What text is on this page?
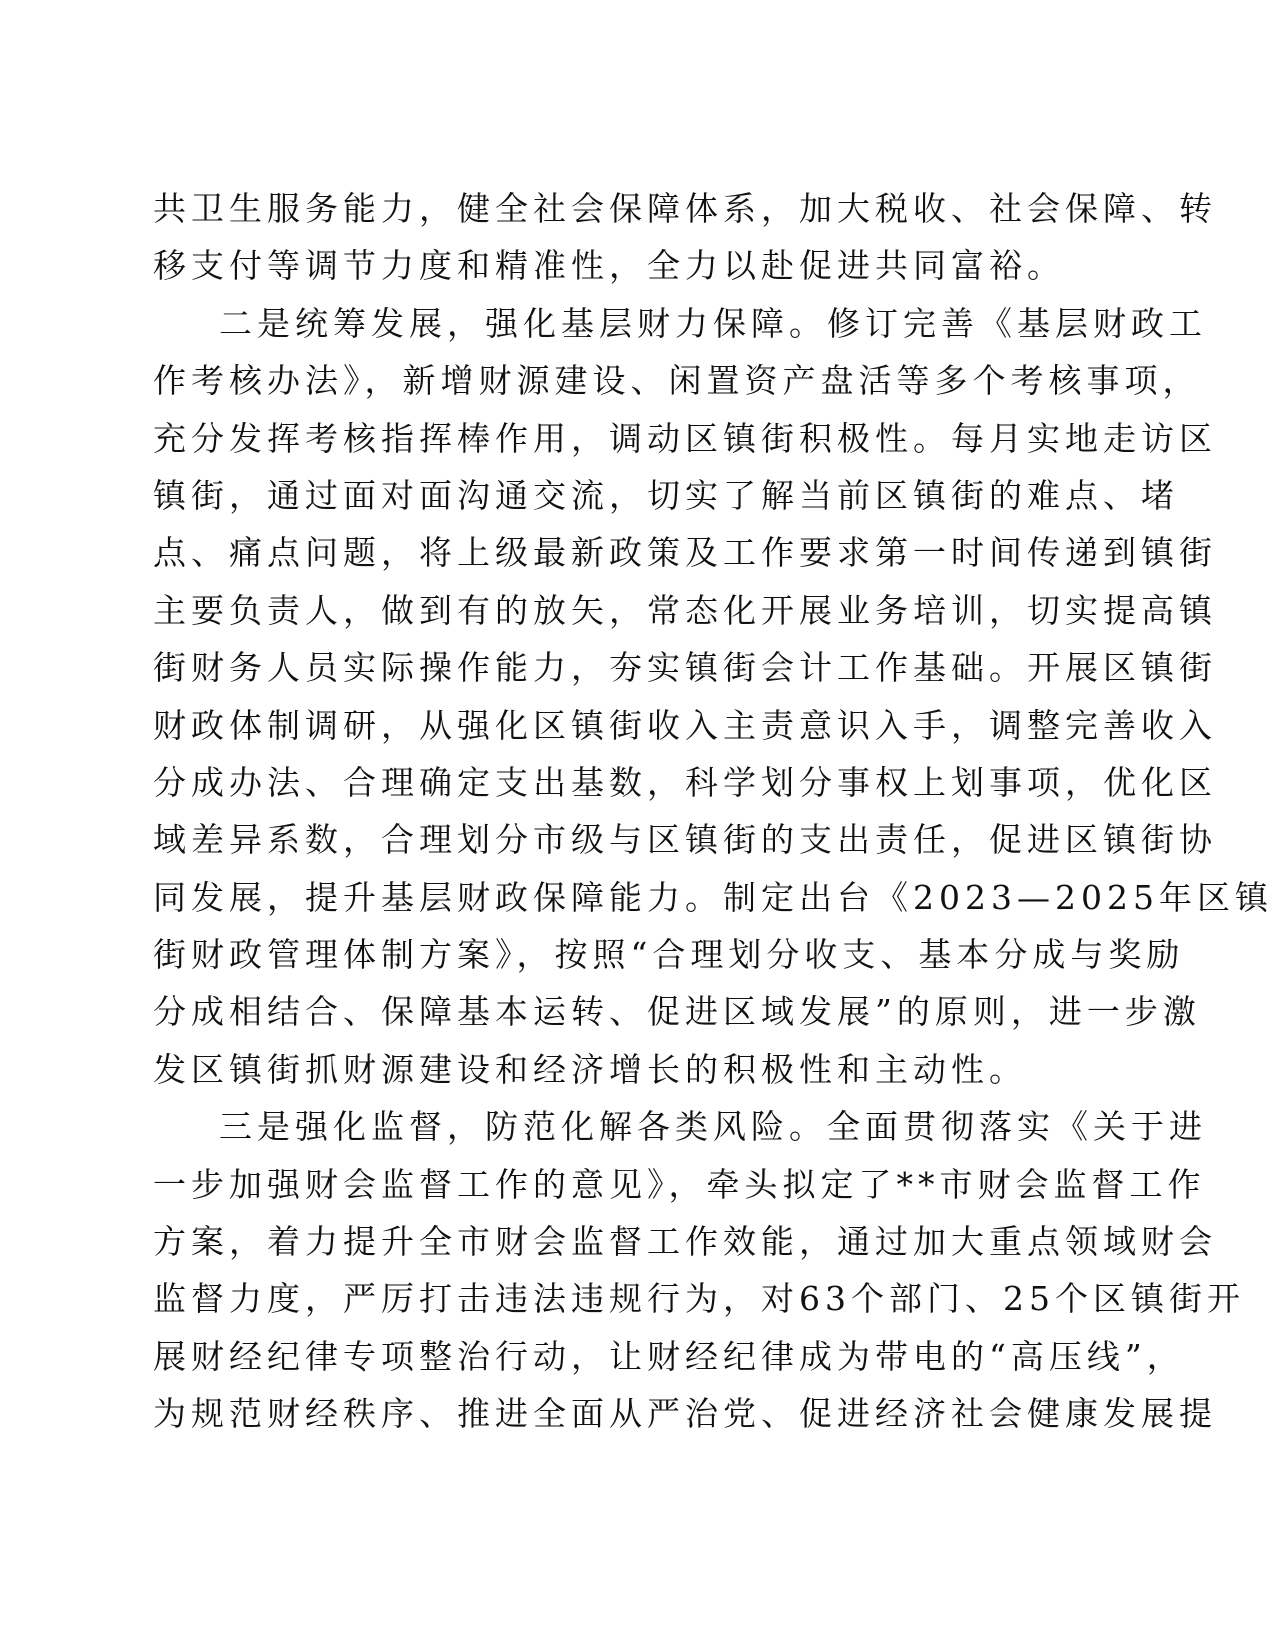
共卫生服务能力，健全社会保障体系，加大税收、社会保障、转
移支付等调节力度和精准性，全力以赴促进共同富裕。
二是统筹发展，强化基层财力保障。修订完善《基层财政工
作考核办法》，新增财源建设、闲置资产盘活等多个考核事项，
充分发挥考核指挥棒作用，调动区镇街积极性。每月实地走访区
镇街，通过面对面沟通交流，切实了解当前区镇街的难点、堵
点、痛点问题，将上级最新政策及工作要求第一时间传递到镇街
主要负责人，做到有的放矢，常态化开展业务培训，切实提高镇
街财务人员实际操作能力，夯实镇街会计工作基础。开展区镇街
财政体制调研，从强化区镇街收入主责意识入手，调整完善收入
分成办法、合理确定支出基数，科学划分事权上划事项，优化区
域差异系数，合理划分市级与区镇街的支出责任，促进区镇街协
同发展，提升基层财政保障能力。制定出台《2023—2025年区镇
街财政管理体制方案》，按照“合理划分收支、基本分成与奖励
分成相结合、保障基本运转、促进区域发展”的原则，进一步激
发区镇街抓财源建设和经济增长的积极性和主动性。
三是强化监督，防范化解各类风险。全面贯彻落实《关于进
一步加强财会监督工作的意见》，牵头拟定了**市财会监督工作
方案，着力提升全市财会监督工作效能，通过加大重点领域财会
监督力度，严厉打击违法违规行为，对63个部门、25个区镇街开
展财经纪律专项整治行动，让财经纪律成为带电的“高压线”，
为规范财经秩序、推进全面从严治党、促进经济社会健康发展提
